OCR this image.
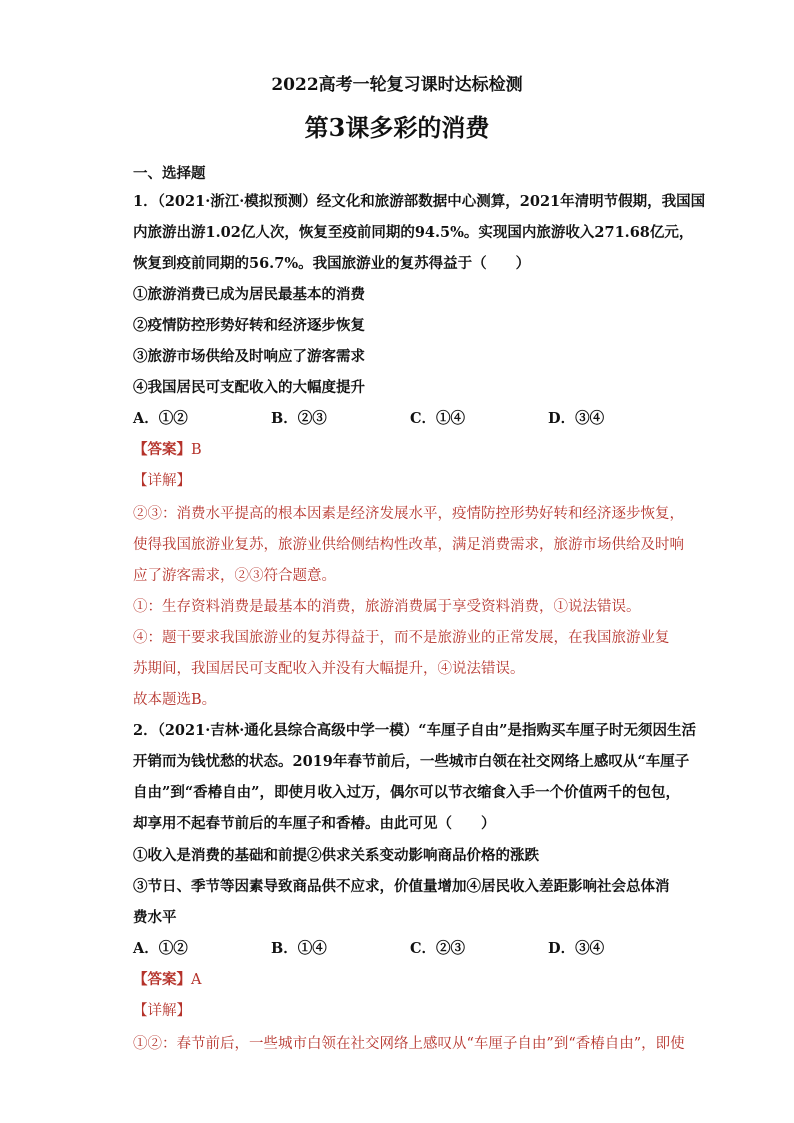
2022高考一轮复习课时达标检测
第3课多彩的消费
一、选择题
1．（2021·浙江·模拟预测）经文化和旅游部数据中心测算，2021年清明节假期，我国国
内旅游出游1.02亿人次，恢复至疫前同期的94.5%。实现国内旅游收入271.68亿元，
恢复到疫前同期的56.7%。我国旅游业的复苏得益于（　　）
①旅游消费已成为居民最基本的消费
②疫情防控形势好转和经济逐步恢复
③旅游市场供给及时响应了游客需求
④我国居民可支配收入的大幅度提升
A．①②	B．②③	C．①④	D．③④
【答案】B
【详解】
②③：消费水平提高的根本因素是经济发展水平，疫情防控形势好转和经济逐步恢复，
使得我国旅游业复苏，旅游业供给侧结构性改革，满足消费需求，旅游市场供给及时响
应了游客需求，②③符合题意。
①：生存资料消费是最基本的消费，旅游消费属于享受资料消费，①说法错误。
④：题干要求我国旅游业的复苏得益于，而不是旅游业的正常发展，在我国旅游业复
苏期间，我国居民可支配收入并没有大幅提升，④说法错误。
故本题选B。
2．（2021·吉林·通化县综合高级中学一模）“车厘子自由”是指购买车厘子时无须因生活
开销而为钱忧愁的状态。2019年春节前后，一些城市白领在社交网络上感叹从“车厘子
自由”到“香椿自由”，即使月收入过万，偶尔可以节衣缩食入手一个价值两千的包包，
却享用不起春节前后的车厘子和香椿。由此可见（　　）
①收入是消费的基础和前提②供求关系变动影响商品价格的涨跌
③节日、季节等因素导致商品供不应求，价值量增加④居民收入差距影响社会总体消
费水平
A．①②	B．①④	C．②③	D．③④
【答案】A
【详解】
①②：春节前后，一些城市白领在社交网络上感叹从“车厘子自由”到“香椿自由”，即使
